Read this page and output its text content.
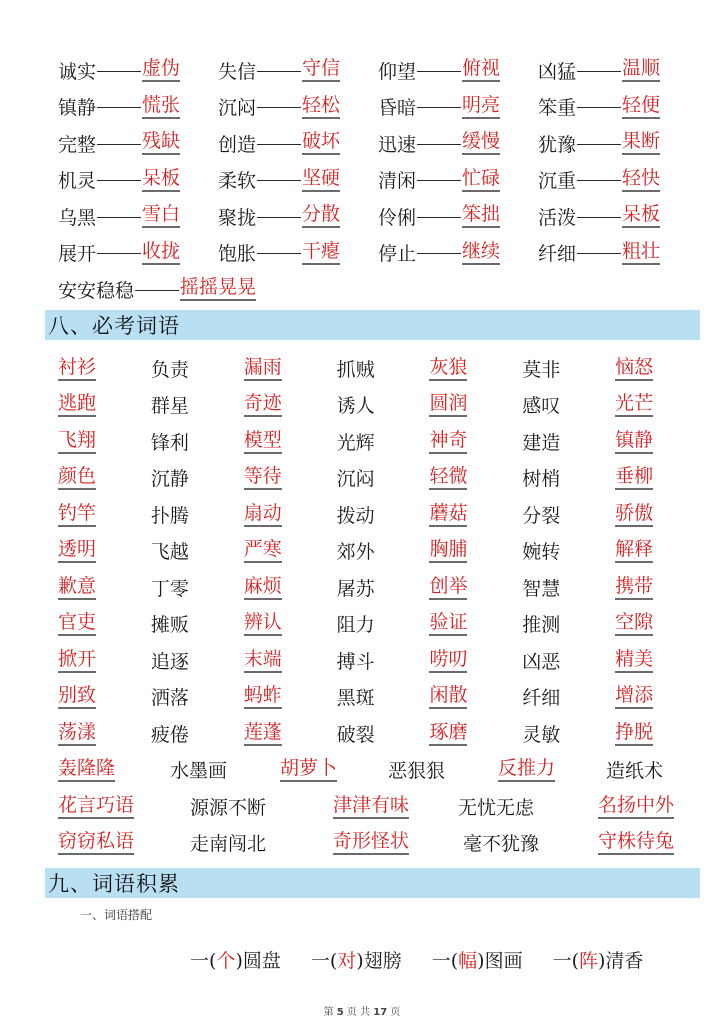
诚实 虚伪 失信 守信 仰望 俯视 凶猛 温顺
镇静 慌张 沉闷 轻松 昏暗 明亮 笨重 轻便
完整 残缺 创造 破坏 迅速 缓慢 犹豫 果断
机灵 呆板 柔软 坚硬 清闲 忙碌 沉重 轻快
乌黑 雪白 聚拢 分散 伶俐 笨拙 活泼 呆板
展开 收拢 饱胀 干瘪 停止 继续 纤细 粗壮
安安稳稳 摇摇晃晃
八、必考词语
衬衫	负责	漏雨	抓贼	灰狼	莫非	恼怒
逃跑	群星	奇迹	诱人	圆润	感叹	光芒
飞翔	锋利	模型	光辉	神奇	建造	镇静
颜色	沉静	等待	沉闷	轻微	树梢	垂柳
钓竿	扑腾	扇动	拨动	蘑菇	分裂	骄傲
透明	飞越	严寒	郊外	胸脯	婉转	解释
歉意	丁零	麻烦	屠苏	创举	智慧	携带
官吏	摊贩	辨认	阻力	验证	推测	空隙
掀开	追逐	末端	搏斗	唠叨	凶恶	精美
别致	洒落	蚂蚱	黑斑	闲散	纤细	增添
荡漾	疲倦	莲蓬	破裂	琢磨	灵敏	挣脱
轰隆隆	水墨画	胡萝卜	恶狠狠	反推力	造纸术
花言巧语	源源不断	津津有味	无忧无虑	名扬中外
窃窃私语	走南闯北	奇形怪状	毫不犹豫	守株待兔
九、词语积累
一、词语搭配
一(个)圆盘 一(对)翅膀 一(幅)图画 一(阵)清香
第 5 页 共 17 页
